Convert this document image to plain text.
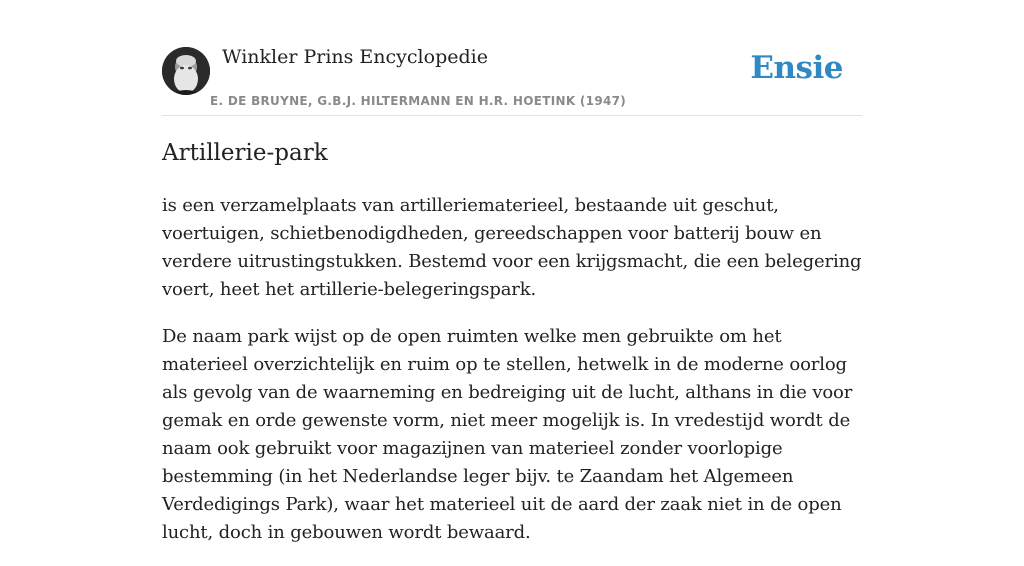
Winkler Prins Encyclopedie
E. DE BRUYNE, G.B.J. HILTERMANN EN H.R. HOETINK (1947)
Ensie
Artillerie-park

is een verzamelplaats van artilleriematerieel, bestaande uit geschut, voertuigen, schietbenodigdheden, gereedschappen voor batterij bouw en verdere uitrustingstukken. Bestemd voor een krijgsmacht, die een belegering voert, heet het artillerie-belegeringspark.

De naam park wijst op de open ruimten welke men gebruikte om het materieel overzichtelijk en ruim op te stellen, hetwelk in de moderne oorlog als gevolg van de waarneming en bedreiging uit de lucht, althans in die voor gemak en orde gewenste vorm, niet meer mogelijk is. In vredestijd wordt de naam ook gebruikt voor magazijnen van materieel zonder voorlopige bestemming (in het Nederlandse leger bijv. te Zaandam het Algemeen Verdedigings Park), waar het materieel uit de aard der zaak niet in de open lucht, doch in gebouwen wordt bewaard.
